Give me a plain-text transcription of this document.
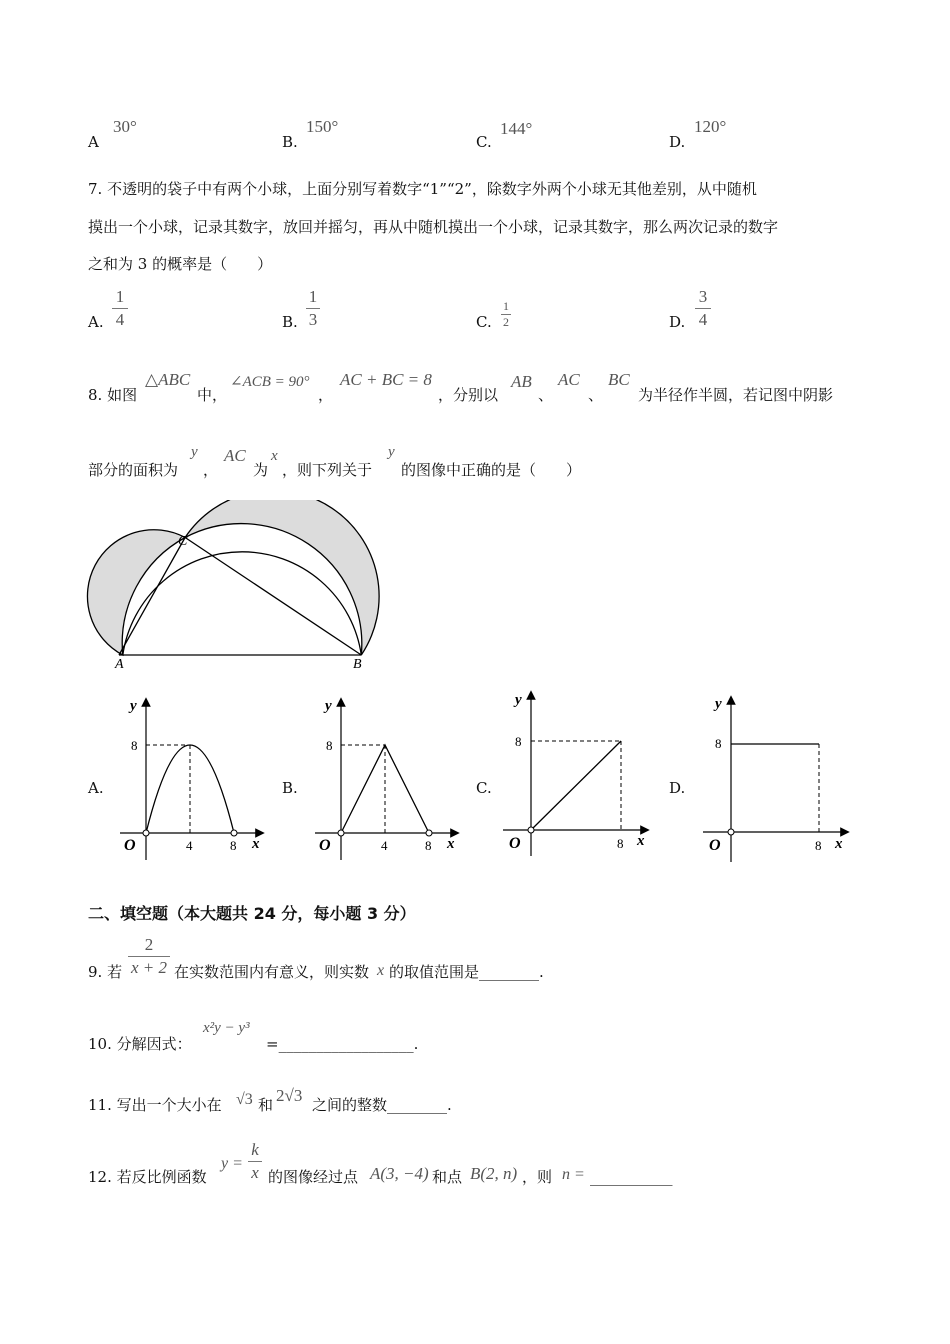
A
30°
B.
150°
C.
144°
D.
120°
7. 不透明的袋子中有两个小球，上面分别写着数字“1”“2”，除数字外两个小球无其他差别，从中随机
摸出一个小球，记录其数字，放回并摇匀，再从中随机摸出一个小球，记录其数字，那么两次记录的数字
之和为 3 的概率是（　　）
A.
1
4	B.
1
3	C.
1
2	D.
3
4
8. 如图
△ABC
中，
∠ACB = 90°
，
AC + BC = 8
，分别以
AB
、
AC
、
BC
为半径作半圆，若记图中阴影
部分的面积为
y
，
AC
为
x
，则下列关于
y
的图像中正确的是（　　）
C
A	B
A.
y
8
4	8
O	x
B.
y
8
4	8
O	x
C.
y
8
8
O	x
D.
y
8
8
O	x
二、填空题（本大题共 24 分，每小题 3 分）
9. 若
2
x + 2 在实数范围内有意义，则实数 x 的取值范围是________.
10. 分解因式：
x²y − y³
=__________________.
11. 写出一个大小在 √3 和 2√3 之间的整数________.
12. 若反比例函数
y =
k
x 的图像经过点 A(3, −4) 和点 B(2, n) ，则 n = ___________
